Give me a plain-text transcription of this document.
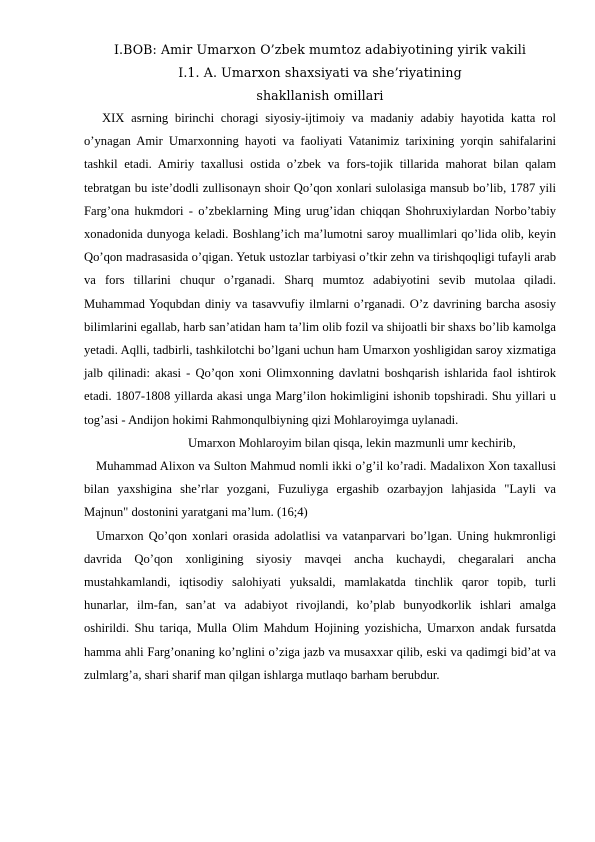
I.BOB: Amir Umarxon O’zbek mumtoz adabiyotining yirik vakili

I.1. A. Umarxon shaxsiyati va she’riyatining

shakllanish omillari

XIX asrning birinchi choragi siyosiy-ijtimoiy va madaniy adabiy hayotida katta rol o’ynagan Amir Umarxonning hayoti va faoliyati Vatanimiz tarixining yorqin sahifalarini tashkil etadi. Amiriy taxallusi ostida o’zbek va fors-tojik tillarida mahorat bilan qalam tebratgan bu iste’dodli zullisonayn shoir Qo’qon xonlari sulolasiga mansub bo’lib, 1787 yili Farg’ona hukmdori - o’zbeklarning Ming urug’idan chiqqan Shohruxiylardan Norbo’tabiy xonadonida dunyoga keladi. Boshlang’ich ma’lumotni saroy muallimlari qo’lida olib, keyin Qo’qon madrasasida o’qigan. Yetuk ustozlar tarbiyasi o’tkir zehn va tirishqoqligi tufayli arab va fors tillarini chuqur o’rganadi. Sharq mumtoz adabiyotini sevib mutolaa qiladi. Muhammad Yoqubdan diniy va tasavvufiy ilmlarni o’rganadi. O’z davrining barcha asosiy bilimlarini egallab, harb san’atidan ham ta’lim olib fozil va shijoatli bir shaxs bo’lib kamolga yetadi. Aqlli, tadbirli, tashkilotchi bo’lgani uchun ham Umarxon yoshligidan saroy xizmatiga jalb qilinadi: akasi - Qo’qon xoni Olimxonning davlatni boshqarish ishlarida faol ishtirok etadi. 1807-1808 yillarda akasi unga Marg’ilon hokimligini ishonib topshiradi. Shu yillari u tog’asi - Andijon hokimi Rahmonqulbiyning qizi Mohlaroyimga uylanadi.

Umarxon Mohlaroyim bilan qisqa, lekin mazmunli umr kechirib,

Muhammad Alixon va Sulton Mahmud nomli ikki o’g’il ko’radi. Madalixon Xon taxallusi bilan yaxshigina she’rlar yozgani, Fuzuliyga ergashib ozarbayjon lahjasida "Layli va Majnun" dostonini yaratgani ma’lum. (16;4)

Umarxon Qo’qon xonlari orasida adolatlisi va vatanparvari bo’lgan. Uning hukmronligi davrida Qo’qon xonligining siyosiy mavqei ancha kuchaydi, chegaralari ancha mustahkamlandi, iqtisodiy salohiyati yuksaldi, mamlakatda tinchlik qaror topib, turli hunarlar, ilm-fan, san’at va adabiyot rivojlandi, ko’plab bunyodkorlik ishlari amalga oshirildi. Shu tariqa, Mulla Olim Mahdum Hojining yozishicha, Umarxon andak fursatda hamma ahli Farg’onaning ko’nglini o’ziga jazb va musaxxar qilib, eski va qadimgi bid’at va zulmlarg’a, shari sharif man qilgan ishlarga mutlaqo barham berubdur.
